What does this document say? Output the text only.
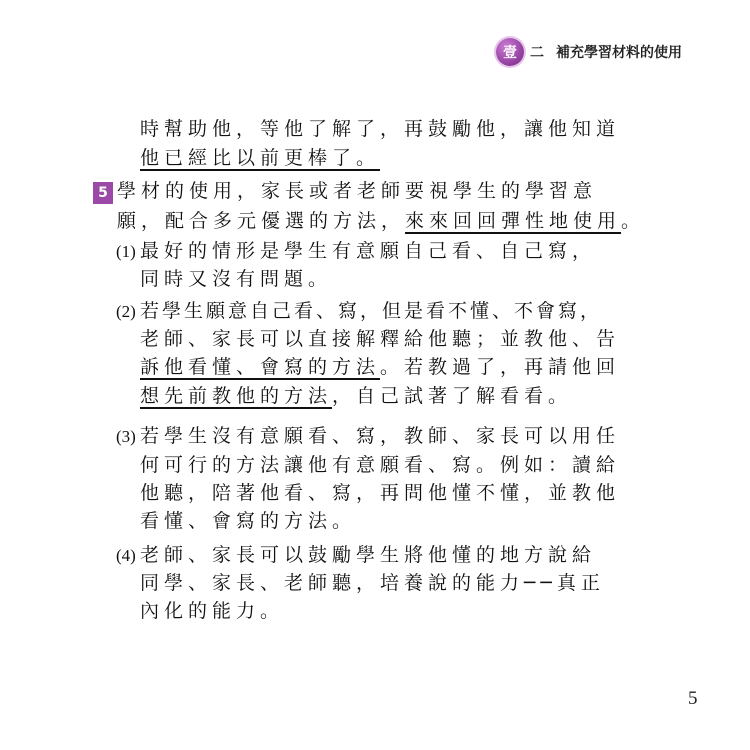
壹 二 補充學習材料的使用
時幫助他，等他了解了，再鼓勵他，讓他知道
他已經比以前更棒了。
5 學材的使用，家長或者老師要視學生的學習意
願，配合多元優選的方法，來來回回彈性地使用。
(1) 最好的情形是學生有意願自己看、自己寫，
同時又沒有問題。
(2) 若學生願意自己看、寫，但是看不懂、不會寫，
老師、家長可以直接解釋給他聽；並教他、告
訴他看懂、會寫的方法。若教過了，再請他回
想先前教他的方法，自己試著了解看看。
(3) 若學生沒有意願看、寫，教師、家長可以用任
何可行的方法讓他有意願看、寫。例如：讀給
他聽，陪著他看、寫，再問他懂不懂，並教他
看懂、會寫的方法。
(4) 老師、家長可以鼓勵學生將他懂的地方說給
同學、家長、老師聽，培養說的能力──真正
內化的能力。
5
